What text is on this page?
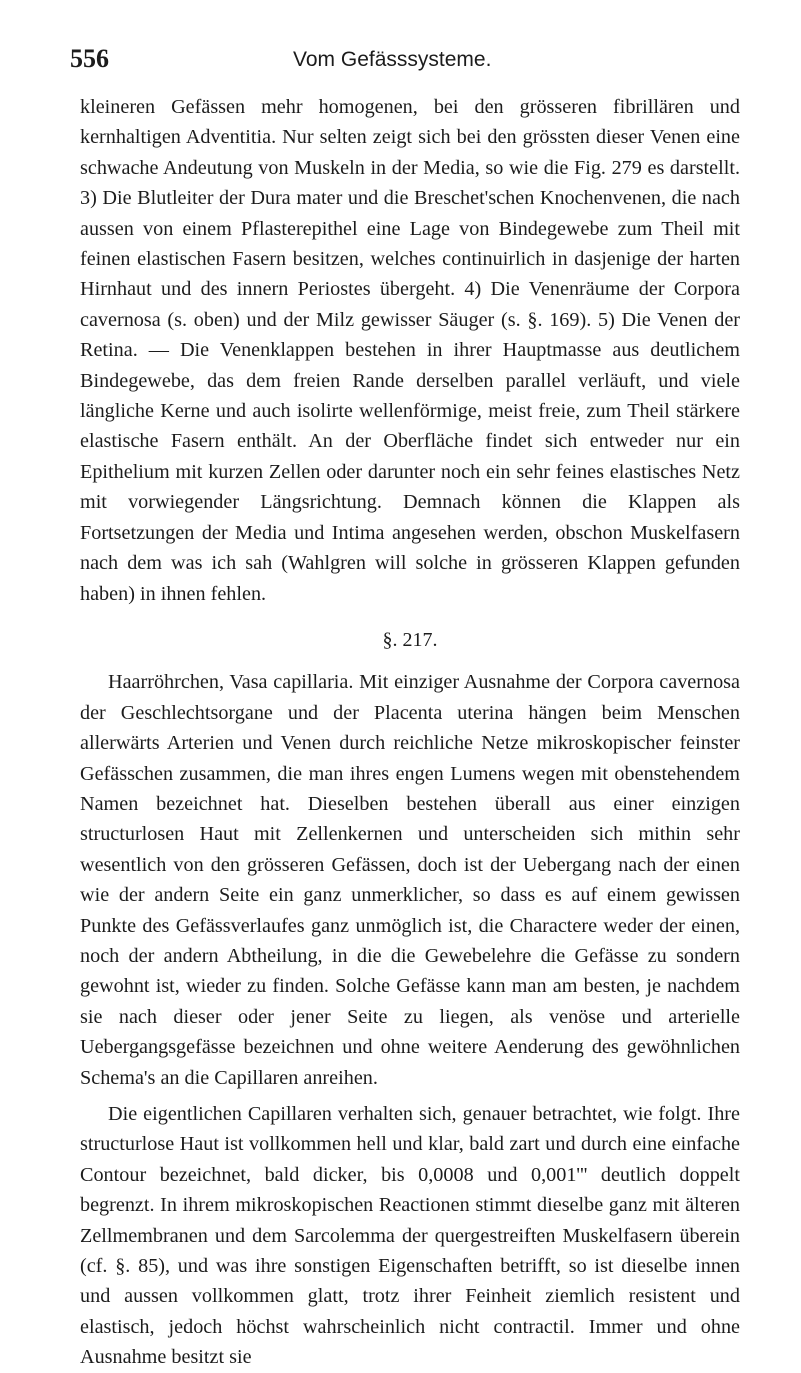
556	Vom Gefässsysteme.

kleineren Gefässen mehr homogenen, bei den grösseren fibrillären und kernhaltigen Adventitia. Nur selten zeigt sich bei den grössten dieser Venen eine schwache Andeutung von Muskeln in der Media, so wie die Fig. 279 es darstellt. 3) Die Blutleiter der Dura mater und die Breschet'schen Knochenvenen, die nach aussen von einem Pflasterepithel eine Lage von Bindegewebe zum Theil mit feinen elastischen Fasern besitzen, welches continuirlich in dasjenige der harten Hirnhaut und des innern Periostes übergeht. 4) Die Venenräume der Corpora cavernosa (s. oben) und der Milz gewisser Säuger (s. §. 169). 5) Die Venen der Retina. — Die Venenklappen bestehen in ihrer Hauptmasse aus deutlichem Bindegewebe, das dem freien Rande derselben parallel verläuft, und viele längliche Kerne und auch isolirte wellenförmige, meist freie, zum Theil stärkere elastische Fasern enthält. An der Oberfläche findet sich entweder nur ein Epithelium mit kurzen Zellen oder darunter noch ein sehr feines elastisches Netz mit vorwiegender Längsrichtung. Demnach können die Klappen als Fortsetzungen der Media und Intima angesehen werden, obschon Muskelfasern nach dem was ich sah (Wahlgren will solche in grösseren Klappen gefunden haben) in ihnen fehlen.

§. 217.

Haarröhrchen, Vasa capillaria. Mit einziger Ausnahme der Corpora cavernosa der Geschlechtsorgane und der Placenta uterina hängen beim Menschen allerwärts Arterien und Venen durch reichliche Netze mikroskopischer feinster Gefässchen zusammen, die man ihres engen Lumens wegen mit obenstehendem Namen bezeichnet hat. Dieselben bestehen überall aus einer einzigen structurlosen Haut mit Zellenkernen und unterscheiden sich mithin sehr wesentlich von den grösseren Gefässen, doch ist der Uebergang nach der einen wie der andern Seite ein ganz unmerklicher, so dass es auf einem gewissen Punkte des Gefässverlaufes ganz unmöglich ist, die Charactere weder der einen, noch der andern Abtheilung, in die die Gewebelehre die Gefässe zu sondern gewohnt ist, wieder zu finden. Solche Gefässe kann man am besten, je nachdem sie nach dieser oder jener Seite zu liegen, als venöse und arterielle Uebergangsgefässe bezeichnen und ohne weitere Aenderung des gewöhnlichen Schema's an die Capillaren anreihen.

Die eigentlichen Capillaren verhalten sich, genauer betrachtet, wie folgt. Ihre structurlose Haut ist vollkommen hell und klar, bald zart und durch eine einfache Contour bezeichnet, bald dicker, bis 0,0008 und 0,001''' deutlich doppelt begrenzt. In ihrem mikroskopischen Reactionen stimmt dieselbe ganz mit älteren Zellmembranen und dem Sarcolemma der quergestreiften Muskelfasern überein (cf. §. 85), und was ihre sonstigen Eigenschaften betrifft, so ist dieselbe innen und aussen vollkommen glatt, trotz ihrer Feinheit ziemlich resistent und elastisch, jedoch höchst wahrscheinlich nicht contractil. Immer und ohne Ausnahme besitzt sie
